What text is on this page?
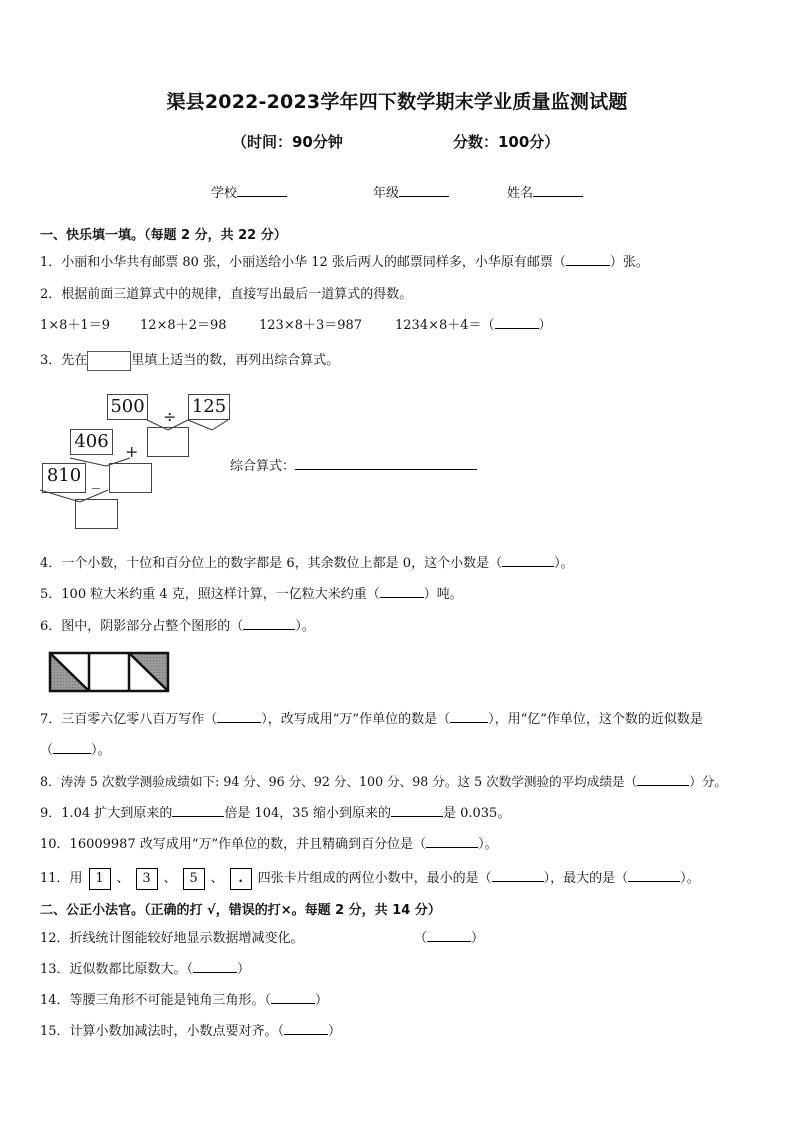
渠县2022-2023学年四下数学期末学业质量监测试题
（时间：90分钟	分数：100分）
学校	年级	姓名
一、快乐填一填。（每题 2 分，共 22 分）
1．小丽和小华共有邮票 80 张，小丽送给小华 12 张后两人的邮票同样多，小华原有邮票（	）张。
2．根据前面三道算式中的规律，直接写出最后一道算式的得数。
1×8＋1＝9 12×8＋2＝98 123×8＋3＝987	1234×8＋4＝（	）
3．先在	里填上适当的数，再列出综合算式。
500 ÷ 125
406 +
810 _
综合算式：
4．一个小数，十位和百分位上的数字都是 6，其余数位上都是 0，这个小数是（	）。
5．100 粒大米约重 4 克，照这样计算，一亿粒大米约重（	）吨。
6．图中，阴影部分占整个图形的（	）。
7．三百零六亿零八百万写作（	），改写成用“万”作单位的数是（	），用“亿”作单位，这个数的近似数是
（	）。
8．涛涛 5 次数学测验成绩如下: 94 分、96 分、92 分、100 分、98 分。这 5 次数学测验的平均成绩是（	）分。
9．1.04 扩大到原来的	倍是 104，35 缩小到原来的	是 0.035。
10．16009987 改写成用“万”作单位的数，并且精确到百分位是（	）。
11．用 1 、 3 、 5 、 . 四张卡片组成的两位小数中，最小的是（	），最大的是（	）。
二、公正小法官。（正确的打 √，错误的打×。每题 2 分，共 14 分）
12．折线统计图能较好地显示数据增减变化。	（	）
13．近似数都比原数大。（	）
14．等腰三角形不可能是钝角三角形。（	）
15．计算小数加减法时，小数点要对齐。（	）
